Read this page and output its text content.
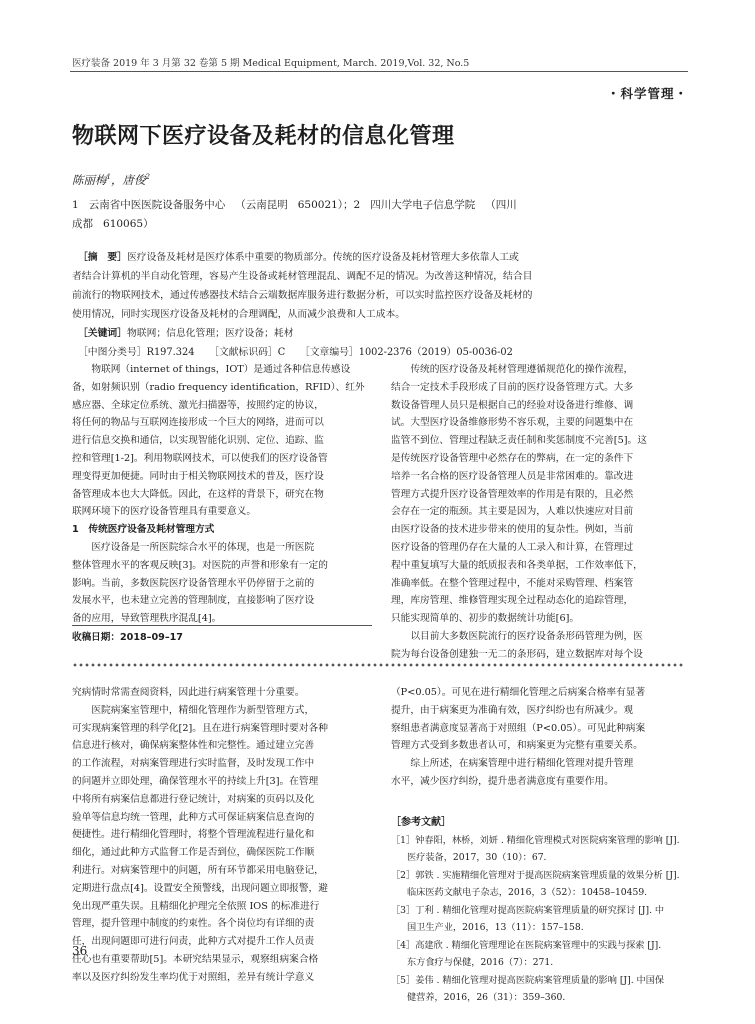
医疗装备 2019 年 3 月第 32 卷第 5 期 Medical Equipment, March. 2019,Vol. 32, No.5
・科学管理・
物联网下医疗设备及耗材的信息化管理
陈丽梅$^1$，唐俊$^2$

1   云南省中医医院设备服务中心   （云南昆明   650021）；2   四川大学电子信息学院   （四川

成都   610065）

［摘　要］医疗设备及耗材是医疗体系中重要的物质部分。传统的医疗设备及耗材管理大多依靠人工或

者结合计算机的半自动化管理，容易产生设备或耗材管理混乱、调配不足的情况。为改善这种情况，结合目

前流行的物联网技术，通过传感器技术结合云端数据库服务进行数据分析，可以实时监控医疗设备及耗材的

使用情况，同时实现医疗设备及耗材的合理调配，从而减少浪费和人工成本。

［关键词］物联网；信息化管理；医疗设备；耗材

［中图分类号］R197.324　　［文献标识码］C　　［文章编号］1002-2376（2019）05-0036-02

　　物联网（internet of things，IOT）是通过各种信息传感设

备，如射频识别（radio frequency identification，RFID）、红外

感应器、全球定位系统、激光扫描器等，按照约定的协议，

将任何的物品与互联网连接形成一个巨大的网络，进而可以

进行信息交换和通信，以实现智能化识别、定位、追踪、监

控和管理[1-2]。利用物联网技术，可以使我们的医疗设备管

理变得更加便捷。同时由于相关物联网技术的普及，医疗设

备管理成本也大大降低。因此，在这样的背景下，研究在物

联网环境下的医疗设备管理具有重要意义。

1　传统医疗设备及耗材管理方式

　　医疗设备是一所医院综合水平的体现，也是一所医院

整体管理水平的客观反映[3]。对医院的声誉和形象有一定的

影响。当前，多数医院医疗设备管理水平仍停留于之前的

发展水平，也未建立完善的管理制度，直接影响了医疗设

备的应用，导致管理秩序混乱[4]。

　　传统的医疗设备及耗材管理遵循规范化的操作流程，

结合一定技术手段形成了目前的医疗设备管理方式。大多

数设备管理人员只是根据自己的经验对设备进行维修、调

试。大型医疗设备维修形势不容乐观，主要的问题集中在

监管不到位、管理过程缺乏责任制和奖惩制度不完善[5]。这

是传统医疗设备管理中必然存在的弊病，在一定的条件下

培养一名合格的医疗设备管理人员是非常困难的。靠改进

管理方式提升医疗设备管理效率的作用是有限的，且必然

会存在一定的瓶颈。其主要是因为，人难以快速应对目前

由医疗设备的技术进步带来的使用的复杂性。例如，当前

医疗设备的管理仍存在大量的人工录入和计算，在管理过

程中重复填写大量的纸质报表和各类单据，工作效率低下，

准确率低。在整个管理过程中，不能对采购管理、档案管

理，库房管理、维修管理实现全过程动态化的追踪管理，

只能实现简单的、初步的数据统计功能[6]。

　　以目前大多数医院流行的医疗设备条形码管理为例，医

院为每台设备创建独一无二的条形码，建立数据库对每个设

收稿日期：2018–09–17

究病情时常需查阅资料，因此进行病案管理十分重要。

　　医院病案室管理中，精细化管理作为新型管理方式，

可实现病案管理的科学化[2]。且在进行病案管理时要对各种

信息进行核对，确保病案整体性和完整性。通过建立完善

的工作流程，对病案管理进行实时监督，及时发现工作中

的问题并立即处理，确保管理水平的持续上升[3]。在管理

中将所有病案信息都进行登记统计，对病案的页码以及化

验单等信息均统一管理，此种方式可保证病案信息查询的

便捷性。进行精细化管理时，将整个管理流程进行量化和

细化，通过此种方式监督工作是否到位，确保医院工作顺

利进行。对病案管理中的问题，所有环节都采用电脑登记，

定期进行盘点[4]。设置安全预警线，出现问题立即报警，避

免出现严重失误。且精细化护理完全依照 IOS 的标准进行

管理，提升管理中制度的约束性。各个岗位均有详细的责

任，出现问题即可进行问责，此种方式对提升工作人员责

任心也有重要帮助[5]。本研究结果显示，观察组病案合格

率以及医疗纠纷发生率均优于对照组，差异有统计学意义

（P<0.05）。可见在进行精细化管理之后病案合格率有显著

提升，由于病案更为准确有效，医疗纠纷也有所减少。观

察组患者满意度显著高于对照组（P<0.05）。可见此种病案

管理方式受到多数患者认可，和病案更为完整有重要关系。

　　综上所述，在病案管理中进行精细化管理对提升管理

水平，减少医疗纠纷，提升患者满意度有重要作用。

［参考文献］

［1］钟春阳，林桥，刘妍 . 精细化管理模式对医院病案管理的影响 [J].

医疗装备，2017，30（10）：67.

［2］郭铁 . 实施精细化管理对于提高医院病案管理质量的效果分析 [J].

临床医药文献电子杂志，2016，3（52）：10458–10459.

［3］丁利 . 精细化管理对提高医院病案管理质量的研究探讨 [J]. 中

国卫生产业，2016，13（11）：157–158.

［4］高建欣 . 精细化管理理论在医院病案管理中的实践与探索 [J].

东方食疗与保健，2016（7）：271.

［5］姜伟 . 精细化管理对提高医院病案管理质量的影响 [J]. 中国保

健营养，2016，26（31）：359–360.

36
